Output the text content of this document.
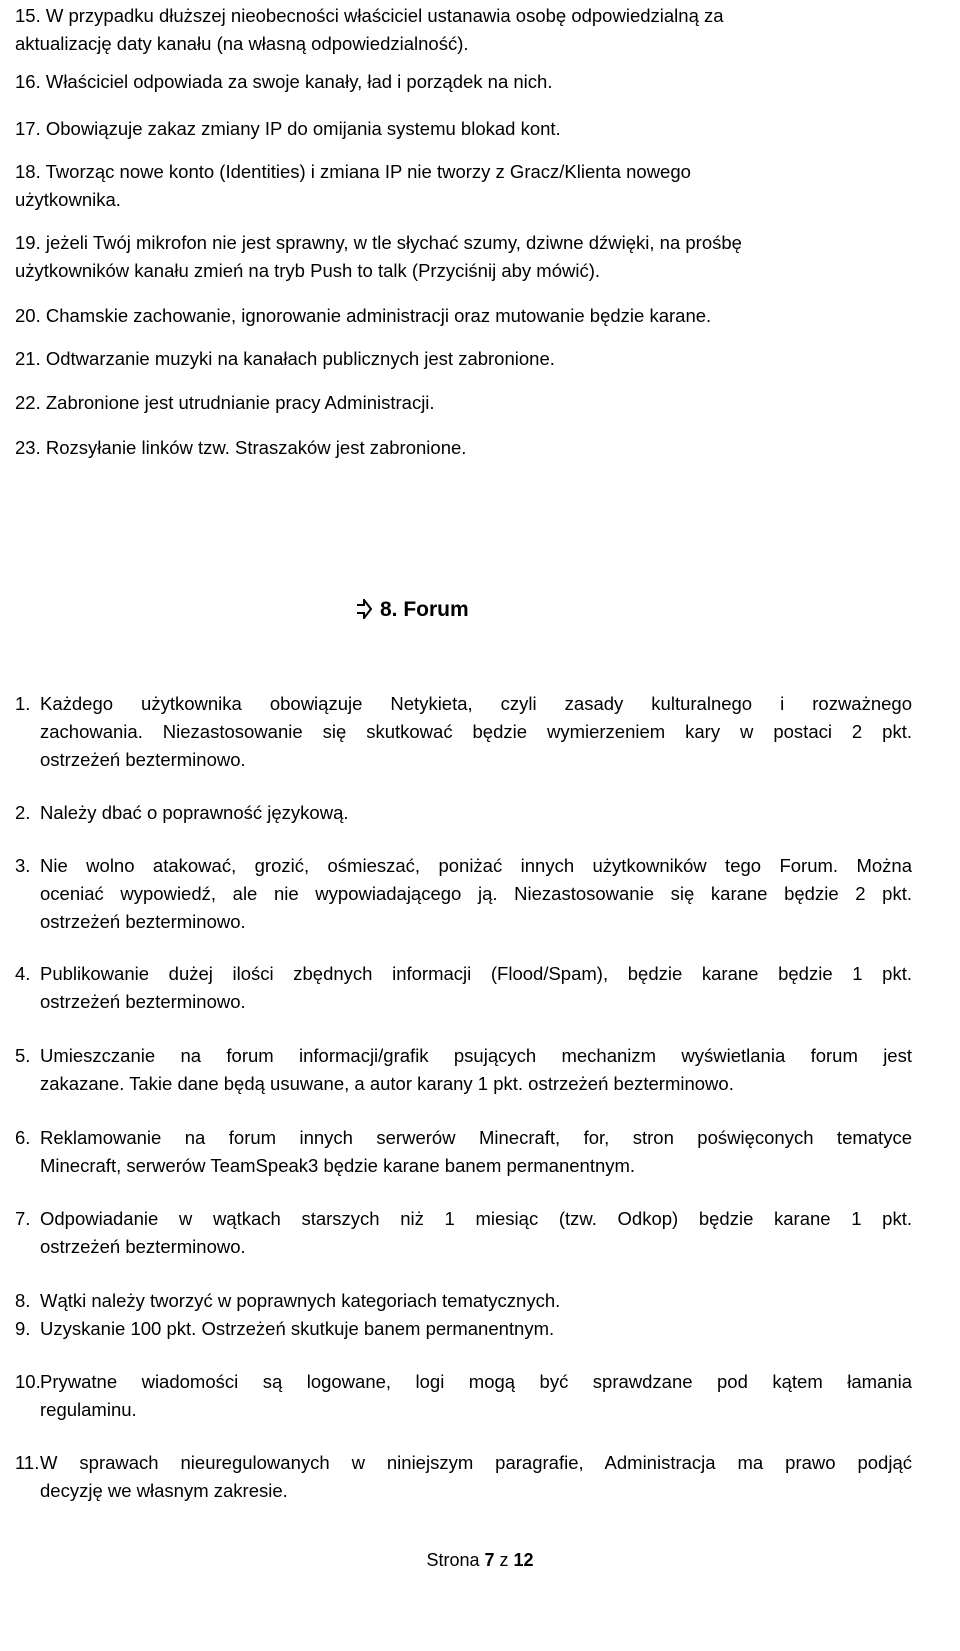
15. W przypadku dłuższej nieobecności właściciel ustanawia osobę odpowiedzialną za
aktualizację daty kanału (na własną odpowiedzialność).
16. Właściciel odpowiada za swoje kanały, ład i porządek na nich.
17. Obowiązuje zakaz zmiany IP do omijania systemu blokad kont.
18. Tworząc nowe konto (Identities) i zmiana IP nie tworzy z Gracz/Klienta nowego
użytkownika.
19. jeżeli Twój mikrofon nie jest sprawny, w tle słychać szumy, dziwne dźwięki, na prośbę
użytkowników kanału zmień na tryb Push to talk (Przyciśnij aby mówić).
20. Chamskie zachowanie, ignorowanie administracji oraz mutowanie będzie karane.
21. Odtwarzanie muzyki na kanałach publicznych jest zabronione.
22. Zabronione jest utrudnianie pracy Administracji.
23. Rozsyłanie linków tzw. Straszaków jest zabronione.
8. Forum
1. Każdego użytkownika obowiązuje Netykieta, czyli zasady kulturalnego i rozważnego
zachowania. Niezastosowanie się skutkować będzie wymierzeniem kary w postaci 2 pkt.
ostrzeżeń bezterminowo.
2. Należy dbać o poprawność językową.
3. Nie wolno atakować, grozić, ośmieszać, poniżać innych użytkowników tego Forum. Można
oceniać wypowiedź, ale nie wypowiadającego ją. Niezastosowanie się karane będzie 2 pkt.
ostrzeżeń bezterminowo.
4. Publikowanie dużej ilości zbędnych informacji (Flood/Spam), będzie karane będzie 1 pkt.
ostrzeżeń bezterminowo.
5. Umieszczanie na forum informacji/grafik psujących mechanizm wyświetlania forum jest
zakazane. Takie dane będą usuwane, a autor karany 1 pkt. ostrzeżeń bezterminowo.
6. Reklamowanie na forum innych serwerów Minecraft, for, stron poświęconych tematyce
Minecraft, serwerów TeamSpeak3 będzie karane banem permanentnym.
7. Odpowiadanie w wątkach starszych niż 1 miesiąc (tzw. Odkop) będzie karane 1 pkt.
ostrzeżeń bezterminowo.
8. Wątki należy tworzyć w poprawnych kategoriach tematycznych.
9. Uzyskanie 100 pkt. Ostrzeżeń skutkuje banem permanentnym.
10. Prywatne wiadomości są logowane, logi mogą być sprawdzane pod kątem łamania
regulaminu.
11. W sprawach nieuregulowanych w niniejszym paragrafie, Administracja ma prawo podjąć
decyzję we własnym zakresie.
Strona 7 z 12
